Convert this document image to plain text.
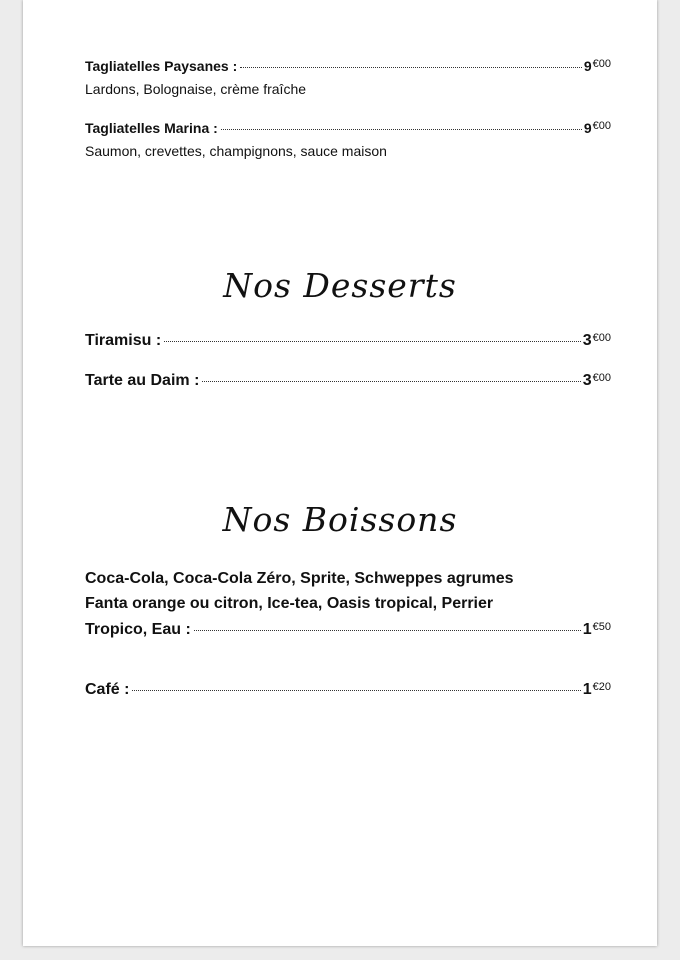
Tagliatelles Paysanes :	$9^{€00}$
Lardons, Bolognaise, crème fraîche
Tagliatelles Marina :	$9^{€00}$
Saumon, crevettes, champignons, sauce maison
Nos Desserts
Tiramisu :	$3^{€00}$
Tarte au Daim :	$3^{€00}$
Nos Boissons
Coca-Cola, Coca-Cola Zéro, Sprite, Schweppes agrumes
Fanta orange ou citron, Ice-tea, Oasis tropical, Perrier
Tropico, Eau :	$1^{€50}$
Café :	$1^{€20}$
